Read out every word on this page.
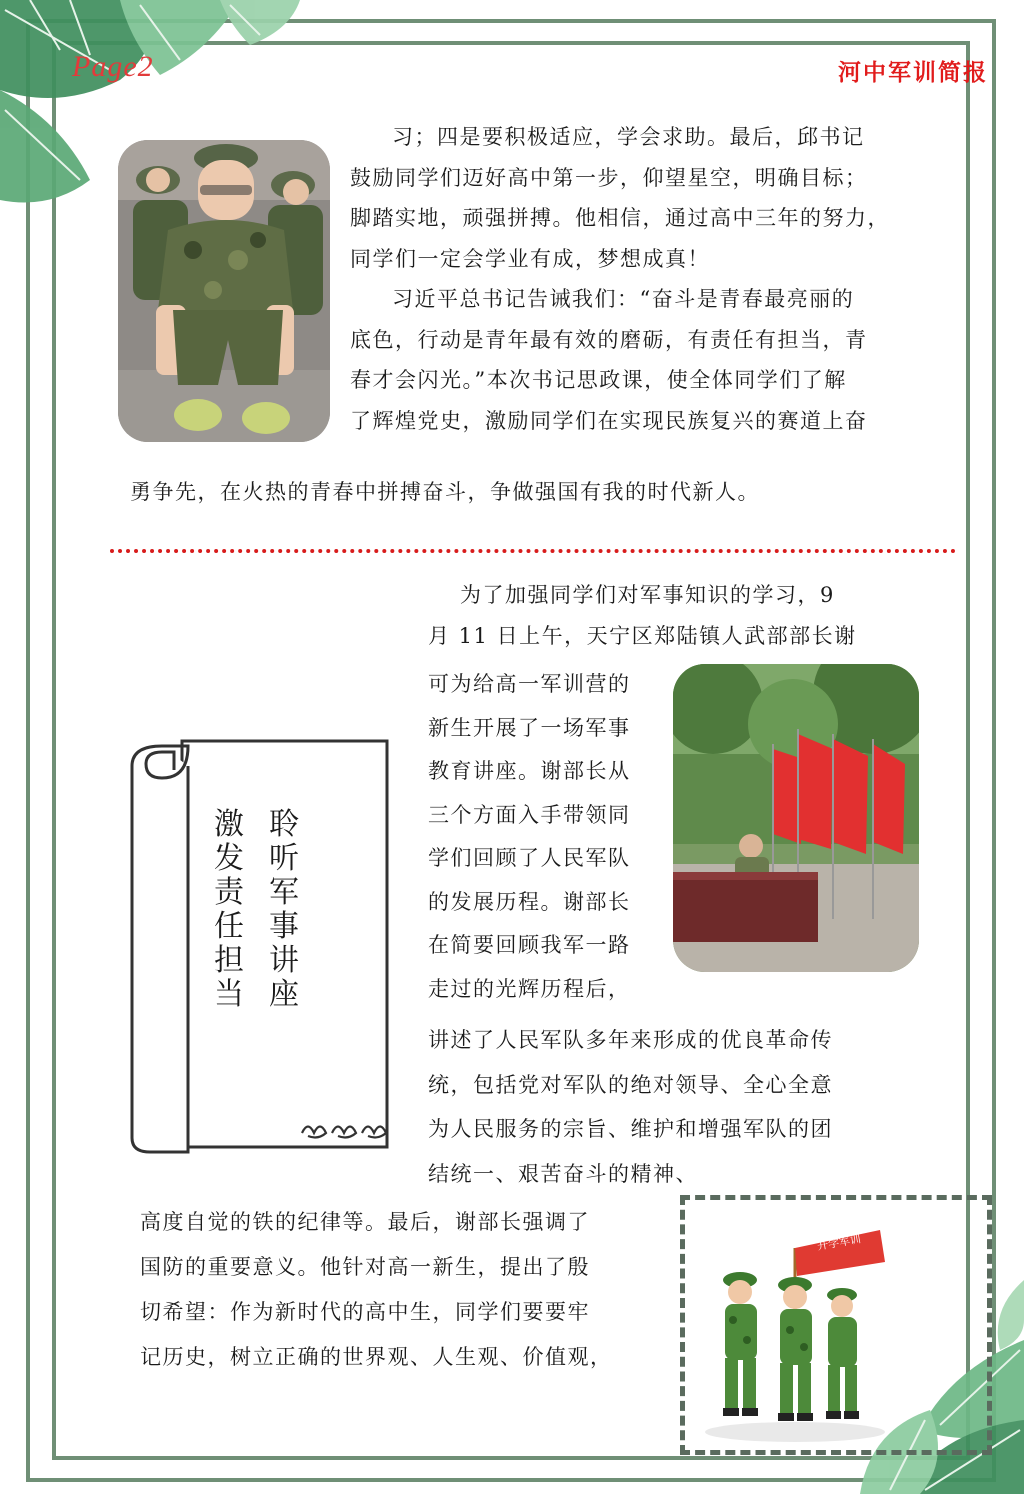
Page2	河中军训简报
习；四是要积极适应，学会求助。最后，邱书记
鼓励同学们迈好高中第一步，仰望星空，明确目标；
脚踏实地，顽强拼搏。他相信，通过高中三年的努力，
同学们一定会学业有成，梦想成真！
习近平总书记告诫我们：“奋斗是青春最亮丽的
底色，行动是青年最有效的磨砺，有责任有担当，青
春才会闪光。”本次书记思政课，使全体同学们了解
了辉煌党史，激励同学们在实现民族复兴的赛道上奋
勇争先，在火热的青春中拼搏奋斗，争做强国有我的时代新人。
聆
听
军
事
讲
座
激
发
责
任
担
当
为了加强同学们对军事知识的学习，9
月 11 日上午，天宁区郑陆镇人武部部长谢
可为给高一军训营的
新生开展了一场军事
教育讲座。谢部长从
三个方面入手带领同
学们回顾了人民军队
的发展历程。谢部长
在简要回顾我军一路
走过的光辉历程后，
讲述了人民军队多年来形成的优良革命传
统，包括党对军队的绝对领导、全心全意
为人民服务的宗旨、维护和增强军队的团
结统一、艰苦奋斗的精神、
高度自觉的铁的纪律等。最后，谢部长强调了
国防的重要意义。他针对高一新生，提出了殷
切希望：作为新时代的高中生，同学们要要牢
记历史，树立正确的世界观、人生观、价值观，
开学军训
